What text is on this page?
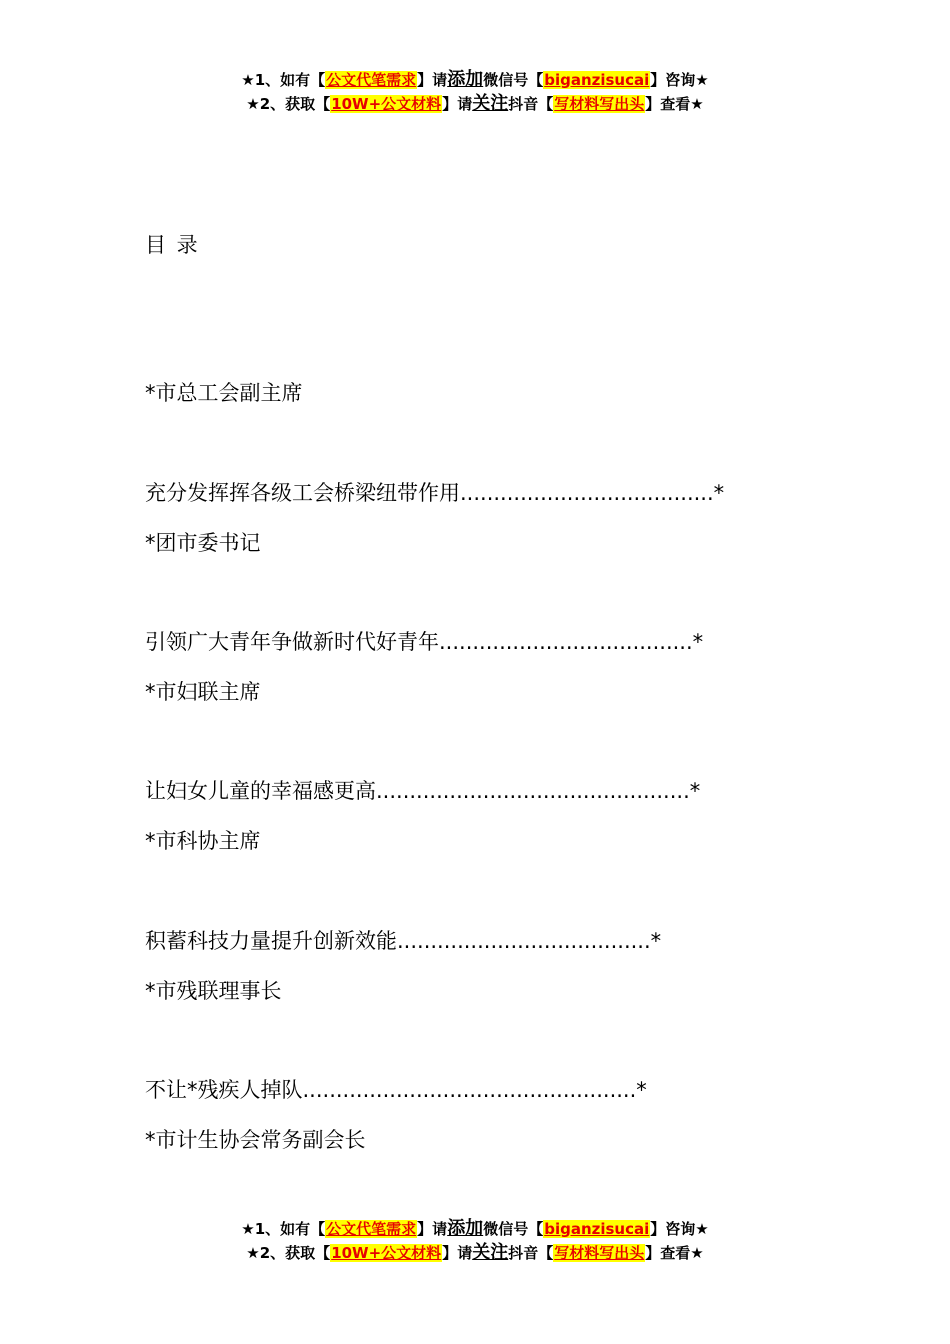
★1、如有【公文代笔需求】请添加微信号【biganzisucai】咨询★
★2、获取【10W+公文材料】请关注抖音【写材料写出头】查看★
目 录
*市总工会副主席
充分发挥挥各级工会桥梁纽带作用......................................*
*团市委书记
引领广大青年争做新时代好青年......................................*
*市妇联主席
让妇女儿童的幸福感更高...............................................*
*市科协主席
积蓄科技力量提升创新效能......................................*
*市残联理事长
不让*残疾人掉队..................................................*
*市计生协会常务副会长
★1、如有【公文代笔需求】请添加微信号【biganzisucai】咨询★
★2、获取【10W+公文材料】请关注抖音【写材料写出头】查看★
